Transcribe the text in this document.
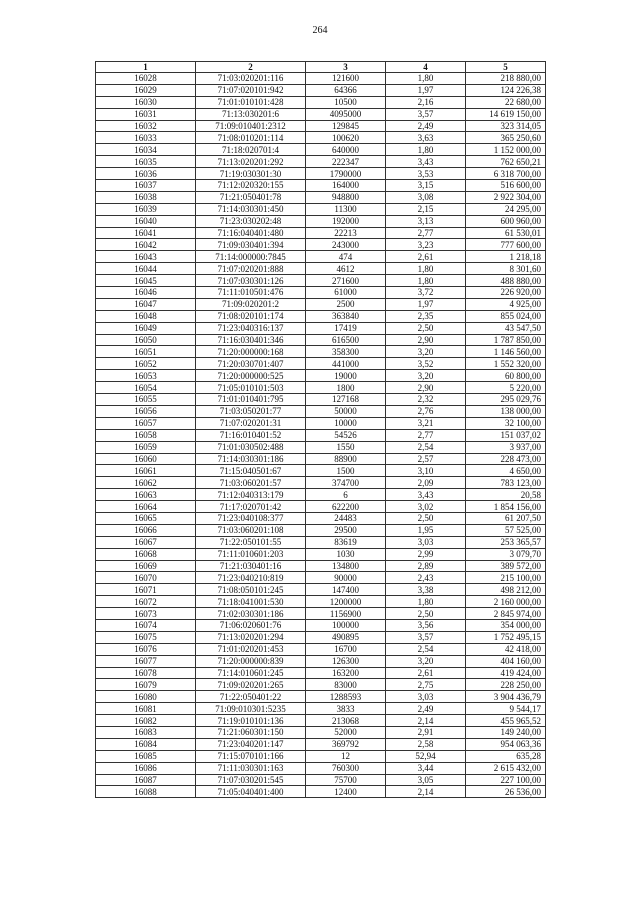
264
1	2	3	4	5
16028	71:03:020201:116	121600	1,80	218 880,00
16029	71:07:020101:942	64366	1,97	124 226,38
16030	71:01:010101:428	10500	2,16	22 680,00
16031	71:13:030201:6	4095000	3,57	14 619 150,00
16032	71:09:010401:2312	129845	2,49	323 314,05
16033	71:08:010201:114	100620	3,63	365 250,60
16034	71:18:020701:4	640000	1,80	1 152 000,00
16035	71:13:020201:292	222347	3,43	762 650,21
16036	71:19:030301:30	1790000	3,53	6 318 700,00
16037	71:12:020320:155	164000	3,15	516 600,00
16038	71:21:050401:78	948800	3,08	2 922 304,00
16039	71:14:030301:450	11300	2,15	24 295,00
16040	71:23:030202:48	192000	3,13	600 960,00
16041	71:16:040401:480	22213	2,77	61 530,01
16042	71:09:030401:394	243000	3,23	777 600,00
16043	71:14:000000:7845	474	2,61	1 218,18
16044	71:07:020201:888	4612	1,80	8 301,60
16045	71:07:030301:126	271600	1,80	488 880,00
16046	71:11:010501:476	61000	3,72	226 920,00
16047	71:09:020201:2	2500	1,97	4 925,00
16048	71:08:020101:174	363840	2,35	855 024,00
16049	71:23:040316:137	17419	2,50	43 547,50
16050	71:16:030401:346	616500	2,90	1 787 850,00
16051	71:20:000000:168	358300	3,20	1 146 560,00
16052	71:20:030701:407	441000	3,52	1 552 320,00
16053	71:20:000000:525	19000	3,20	60 800,00
16054	71:05:010101:503	1800	2,90	5 220,00
16055	71:01:010401:795	127168	2,32	295 029,76
16056	71:03:050201:77	50000	2,76	138 000,00
16057	71:07:020201:31	10000	3,21	32 100,00
16058	71:16:010401:52	54526	2,77	151 037,02
16059	71:01:030502:488	1550	2,54	3 937,00
16060	71:14:030301:186	88900	2,57	228 473,00
16061	71:15:040501:67	1500	3,10	4 650,00
16062	71:03:060201:57	374700	2,09	783 123,00
16063	71:12:040313:179	6	3,43	20,58
16064	71:17:020701:42	622200	3,02	1 854 156,00
16065	71:23:040108:377	24483	2,50	61 207,50
16066	71:03:060201:108	29500	1,95	57 525,00
16067	71:22:050101:55	83619	3,03	253 365,57
16068	71:11:010601:203	1030	2,99	3 079,70
16069	71:21:030401:16	134800	2,89	389 572,00
16070	71:23:040210:819	90000	2,43	215 100,00
16071	71:08:050101:245	147400	3,38	498 212,00
16072	71:18:041001:530	1200000	1,80	2 160 000,00
16073	71:02:030301:186	1156900	2,50	2 845 974,00
16074	71:06:020601:76	100000	3,56	354 000,00
16075	71:13:020201:294	490895	3,57	1 752 495,15
16076	71:01:020201:453	16700	2,54	42 418,00
16077	71:20:000000:839	126300	3,20	404 160,00
16078	71:14:010601:245	163200	2,61	419 424,00
16079	71:09:020201:265	83000	2,75	228 250,00
16080	71:22:050401:22	1288593	3,03	3 904 436,79
16081	71:09:010301:5235	3833	2,49	9 544,17
16082	71:19:010101:136	213068	2,14	455 965,52
16083	71:21:060301:150	52000	2,91	149 240,00
16084	71:23:040201:147	369792	2,58	954 063,36
16085	71:15:070101:166	12	52,94	635,28
16086	71:11:030301:163	760300	3,44	2 615 432,00
16087	71:07:030201:545	75700	3,05	227 100,00
16088	71:05:040401:400	12400	2,14	26 536,00
